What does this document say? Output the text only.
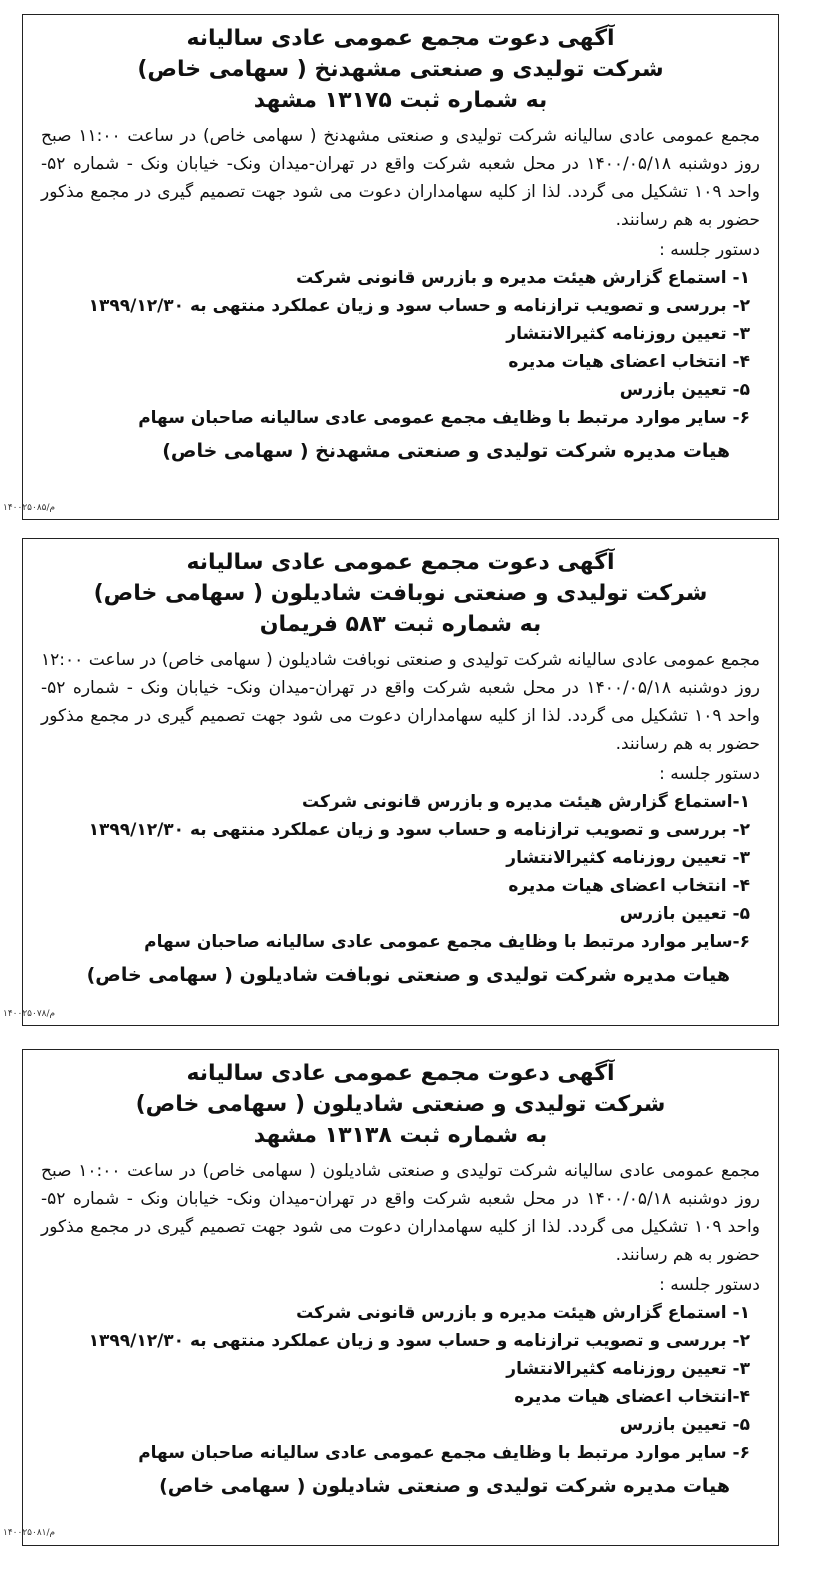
آگهی دعوت مجمع عمومی عادی سالیانه
شرکت تولیدی و صنعتی مشهدنخ ( سهامی خاص)
به شماره ثبت ۱۳۱۷۵ مشهد

مجمع عمومی عادی سالیانه شرکت تولیدی و صنعتی مشهدنخ ( سهامی خاص) در ساعت ۱۱:۰۰ صبح روز دوشنبه ۱۴۰۰/۰۵/۱۸ در محل شعبه شرکت واقع در تهران-میدان ونک- خیابان ونک - شماره ۵۲- واحد ۱۰۹ تشکیل می گردد. لذا از کلیه سهامداران دعوت می شود جهت تصمیم گیری در مجمع مذکور حضور به هم رسانند.

دستور جلسه :

۱- استماع گزارش هیئت مدیره و بازرس قانونی شرکت
۲- بررسی و تصویب ترازنامه و حساب سود و زیان عملکرد منتهی به ۱۳۹۹/۱۲/۳۰
۳- تعیین روزنامه کثیرالانتشار
۴- انتخاب اعضای هیات مدیره
۵- تعیین بازرس
۶- سایر موارد مرتبط با وظایف مجمع عمومی عادی سالیانه صاحبان سهام
هیات مدیره شرکت تولیدی و صنعتی مشهدنخ ( سهامی خاص)
م/۱۴۰۰۲۵۰۸۵
آگهی دعوت مجمع عمومی عادی سالیانه
شرکت تولیدی و صنعتی نوبافت شادیلون ( سهامی خاص)
به شماره ثبت ۵۸۳ فریمان

مجمع عمومی عادی سالیانه شرکت تولیدی و صنعتی نوبافت شادیلون ( سهامی خاص) در ساعت ۱۲:۰۰ روز دوشنبه ۱۴۰۰/۰۵/۱۸ در محل شعبه شرکت واقع در تهران-میدان ونک- خیابان ونک - شماره ۵۲- واحد ۱۰۹ تشکیل می گردد. لذا از کلیه سهامداران دعوت می شود جهت تصمیم گیری در مجمع مذکور حضور به هم رسانند.

دستور جلسه :

۱-استماع گزارش هیئت مدیره و بازرس قانونی شرکت
۲- بررسی و تصویب ترازنامه و حساب سود و زیان عملکرد منتهی به ۱۳۹۹/۱۲/۳۰
۳- تعیین روزنامه کثیرالانتشار
۴- انتخاب اعضای هیات مدیره
۵- تعیین بازرس
۶-سایر موارد مرتبط با وظایف مجمع عمومی عادی سالیانه صاحبان سهام
هیات مدیره شرکت تولیدی و صنعتی نوبافت شادیلون ( سهامی خاص)
م/۱۴۰۰۲۵۰۷۸
آگهی دعوت مجمع عمومی عادی سالیانه
شرکت تولیدی و صنعتی شادیلون ( سهامی خاص)
به شماره ثبت ۱۳۱۳۸ مشهد

مجمع عمومی عادی سالیانه شرکت تولیدی و صنعتی شادیلون ( سهامی خاص) در ساعت ۱۰:۰۰ صبح روز دوشنبه ۱۴۰۰/۰۵/۱۸ در محل شعبه شرکت واقع در تهران-میدان ونک- خیابان ونک - شماره ۵۲- واحد ۱۰۹ تشکیل می گردد. لذا از کلیه سهامداران دعوت می شود جهت تصمیم گیری در مجمع مذکور حضور به هم رسانند.

دستور جلسه :

۱- استماع گزارش هیئت مدیره و بازرس قانونی شرکت
۲- بررسی و تصویب ترازنامه و حساب سود و زیان عملکرد منتهی به ۱۳۹۹/۱۲/۳۰
۳- تعیین روزنامه کثیرالانتشار
۴-انتخاب اعضای هیات مدیره
۵- تعیین بازرس
۶- سایر موارد مرتبط با وظایف مجمع عمومی عادی سالیانه صاحبان سهام
هیات مدیره شرکت تولیدی و صنعتی شادیلون ( سهامی خاص)
م/۱۴۰۰۲۵۰۸۱
